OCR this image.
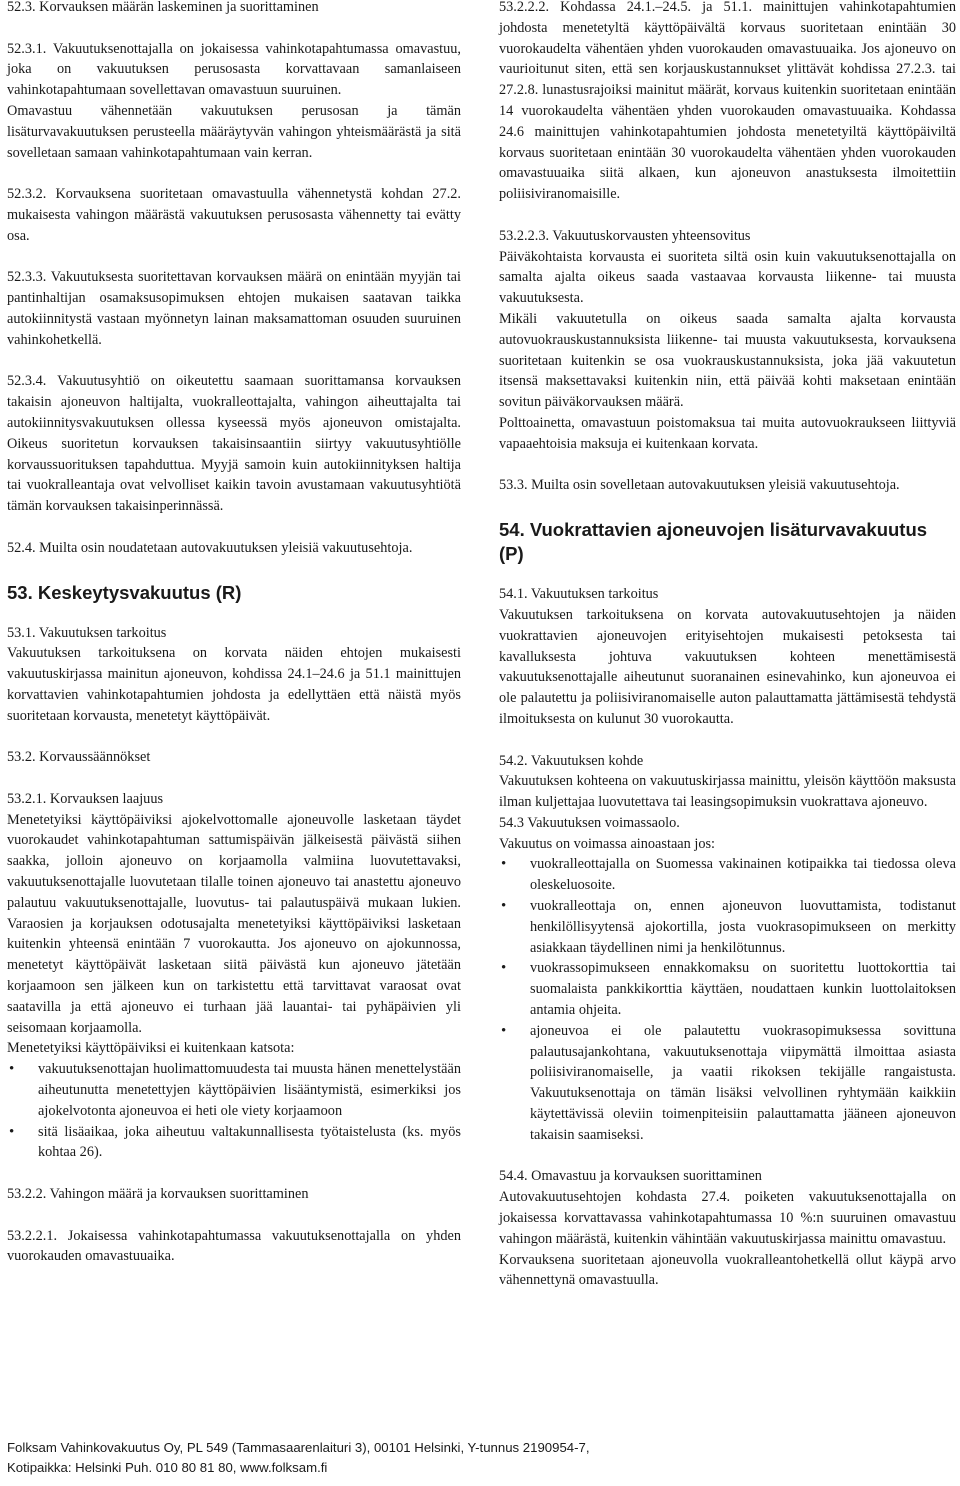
52.3. Korvauksen määrän laskeminen ja suorittaminen

52.3.1. Vakuutuksenottajalla on jokaisessa vahinkotapahtumassa omavastuu, joka on vakuutuksen perusosasta korvattavaan samanlaiseen vahinkotapahtumaan sovellettavan omavastuun suuruinen.

Omavastuu vähennetään vakuutuksen perusosan ja tämän lisäturvavakuutuksen perusteella määräytyvän vahingon yhteismäärästä ja sitä sovelletaan samaan vahinkotapahtumaan vain kerran.

52.3.2. Korvauksena suoritetaan omavastuulla vähennetystä kohdan 27.2. mukaisesta vahingon määrästä vakuutuksen perusosasta vähennetty tai evätty osa.

52.3.3. Vakuutuksesta suoritettavan korvauksen määrä on enintään myyjän tai pantinhaltijan osamaksusopimuksen ehtojen mukaisen saatavan taikka autokiinnitystä vastaan myönnetyn lainan maksamattoman osuuden suuruinen vahinkohetkellä.

52.3.4. Vakuutusyhtiö on oikeutettu saamaan suorittamansa korvauksen takaisin ajoneuvon haltijalta, vuokralleottajalta, vahingon aiheuttajalta tai autokiinnitysvakuutuksen ollessa kyseessä myös ajoneuvon omistajalta. Oikeus suoritetun korvauksen takaisinsaantiin siirtyy vakuutusyhtiölle korvaussuorituksen tapahduttua. Myyjä samoin kuin autokiinnityksen haltija tai vuokralleantaja ovat velvolliset kaikin tavoin avustamaan vakuutusyhtiötä tämän korvauksen takaisinperinnässä.

52.4. Muilta osin noudatetaan autovakuutuksen yleisiä vakuutusehtoja.

53. Keskeytysvakuutus (R)

53.1. Vakuutuksen tarkoitus

Vakuutuksen tarkoituksena on korvata näiden ehtojen mukaisesti vakuutuskirjassa mainitun ajoneuvon, kohdissa 24.1–24.6 ja 51.1 mainittujen korvattavien vahinkotapahtumien johdosta ja edellyttäen että näistä myös suoritetaan korvausta, menetetyt käyttöpäivät.

53.2. Korvaussäännökset

53.2.1. Korvauksen laajuus

Menetetyiksi käyttöpäiviksi ajokelvottomalle ajoneuvolle lasketaan täydet vuorokaudet vahinkotapahtuman sattumispäivän jälkeisestä päivästä siihen saakka, jolloin ajoneuvo on korjaamolla valmiina luovutettavaksi, vakuutuksenottajalle luovutetaan tilalle toinen ajoneuvo tai anastettu ajoneuvo palautuu vakuutuksenottajalle, luovutus- tai palautuspäivä mukaan lukien. Varaosien ja korjauksen odotusajalta menetetyiksi käyttöpäiviksi lasketaan kuitenkin yhteensä enintään 7 vuorokautta. Jos ajoneuvo on ajokunnossa, menetetyt käyttöpäivät lasketaan siitä päivästä kun ajoneuvo jätetään korjaamoon sen jälkeen kun on tarkistettu että tarvittavat varaosat ovat saatavilla ja että ajoneuvo ei turhaan jää lauantai- tai pyhäpäivien yli seisomaan korjaamolla.

Menetetyiksi käyttöpäiviksi ei kuitenkaan katsota:

• vakuutuksenottajan huolimattomuudesta tai muusta hänen menettelystään aiheutunutta menetettyjen käyttöpäivien lisääntymistä, esimerkiksi jos ajokelvotonta ajoneuvoa ei heti ole viety korjaamoon
• sitä lisäaikaa, joka aiheutuu valtakunnallisesta työtaistelusta (ks. myös kohtaa 26).

53.2.2. Vahingon määrä ja korvauksen suorittaminen

53.2.2.1. Jokaisessa vahinkotapahtumassa vakuutuksenottajalla on yhden vuorokauden omavastuuaika.

53.2.2.2. Kohdassa 24.1.–24.5. ja 51.1. mainittujen vahinkotapahtumien johdosta menetetyltä käyttöpäivältä korvaus suoritetaan enintään 30 vuorokaudelta vähentäen yhden vuorokauden omavastuuaika. Jos ajoneuvo on vaurioitunut siten, että sen korjauskustannukset ylittävät kohdissa 27.2.3. tai 27.2.8. lunastusrajoiksi mainitut määrät, korvaus kuitenkin suoritetaan enintään 14 vuorokaudelta vähentäen yhden vuorokauden omavastuuaika. Kohdassa 24.6 mainittujen vahinkotapahtumien johdosta menetetyiltä käyttöpäiviltä korvaus suoritetaan enintään 30 vuorokaudelta vähentäen yhden vuorokauden omavastuuaika siitä alkaen, kun ajoneuvon anastuksesta ilmoitettiin poliisiviranomaisille.

53.2.2.3. Vakuutuskorvausten yhteensovitus

Päiväkohtaista korvausta ei suoriteta siltä osin kuin vakuutuksenottajalla on samalta ajalta oikeus saada vastaavaa korvausta liikenne- tai muusta vakuutuksesta.

Mikäli vakuutetulla on oikeus saada samalta ajalta korvausta autovuokrauskustannuksista liikenne- tai muusta vakuutuksesta, korvauksena suoritetaan kuitenkin se osa vuokrauskustannuksista, joka jää vakuutetun itsensä maksettavaksi kuitenkin niin, että päivää kohti maksetaan enintään sovitun päiväkorvauksen määrä.

Polttoainetta, omavastuun poistomaksua tai muita autovuokraukseen liittyviä vapaaehtoisia maksuja ei kuitenkaan korvata.

53.3. Muilta osin sovelletaan autovakuutuksen yleisiä vakuutusehtoja.

54. Vuokrattavien ajoneuvojen lisäturvavakuutus (P)

54.1. Vakuutuksen tarkoitus

Vakuutuksen tarkoituksena on korvata autovakuutusehtojen ja näiden vuokrattavien ajoneuvojen erityisehtojen mukaisesti petoksesta tai kavalluksesta johtuva vakuutuksen kohteen menettämisestä vakuutuksenottajalle aiheutunut suoranainen esinevahinko, kun ajoneuvoa ei ole palautettu ja poliisiviranomaiselle auton palauttamatta jättämisestä tehdystä ilmoituksesta on kulunut 30 vuorokautta.

54.2. Vakuutuksen kohde

Vakuutuksen kohteena on vakuutuskirjassa mainittu, yleisön käyttöön maksusta ilman kuljettajaa luovutettava tai leasingsopimuksin vuokrattava ajoneuvo.

54.3 Vakuutuksen voimassaolo.

Vakuutus on voimassa ainoastaan jos:

• vuokralleottajalla on Suomessa vakinainen kotipaikka tai tiedossa oleva oleskeluosoite.
• vuokralleottaja on, ennen ajoneuvon luovuttamista, todistanut henkilöllisyytensä ajokortilla, josta vuokrasopimukseen on merkitty asiakkaan täydellinen nimi ja henkilötunnus.
• vuokrassopimukseen ennakkomaksu on suoritettu luottokorttia tai suomalaista pankkikorttia käyttäen, noudattaen kunkin luottolaitoksen antamia ohjeita.
• ajoneuvoa ei ole palautettu vuokrasopimuksessa sovittuna palautusajankohtana, vakuutuksenottaja viipymättä ilmoittaa asiasta poliisiviranomaiselle, ja vaatii rikoksen tekijälle rangaistusta. Vakuutuksenottaja on tämän lisäksi velvollinen ryhtymään kaikkiin käytettävissä oleviin toimenpiteisiin palauttamatta jääneen ajoneuvon takaisin saamiseksi.

54.4. Omavastuu ja korvauksen suorittaminen

Autovakuutusehtojen kohdasta 27.4. poiketen vakuutuksenottajalla on jokaisessa korvattavassa vahinkotapahtumassa 10 %:n suuruinen omavastuu vahingon määrästä, kuitenkin vähintään vakuutuskirjassa mainittu omavastuu.

Korvauksena suoritetaan ajoneuvolla vuokralleantohetkellä ollut käypä arvo vähennettynä omavastuulla.

Folksam Vahinkovakuutus Oy, PL 549 (Tammasaarenlaituri 3), 00101 Helsinki, Y-tunnus 2190954-7,
Kotipaikka: Helsinki Puh. 010 80 81 80, www.folksam.fi
